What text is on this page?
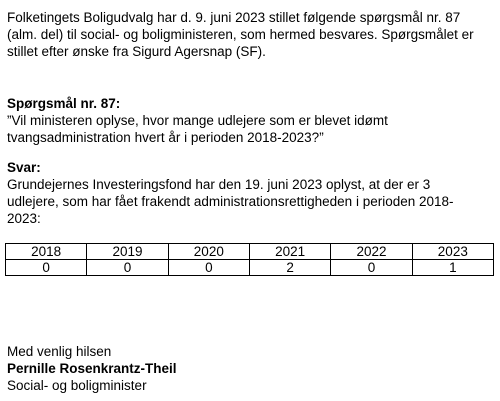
Folketingets Boligudvalg har d. 9. juni 2023 stillet følgende spørgsmål nr. 87
(alm. del) til social- og boligministeren, som hermed besvares. Spørgsmålet er
stillet efter ønske fra Sigurd Agersnap (SF).
Spørgsmål nr. 87:
”Vil ministeren oplyse, hvor mange udlejere som er blevet idømt
tvangsadministration hvert år i perioden 2018-2023?”
Svar:
Grundejernes Investeringsfond har den 19. juni 2023 oplyst, at der er 3
udlejere, som har fået frakendt administrationsrettigheden i perioden 2018-
2023:
2018	2019	2020	2021	2022	2023
0	0	0	2	0	1
Med venlig hilsen
Pernille Rosenkrantz-Theil
Social- og boligminister
